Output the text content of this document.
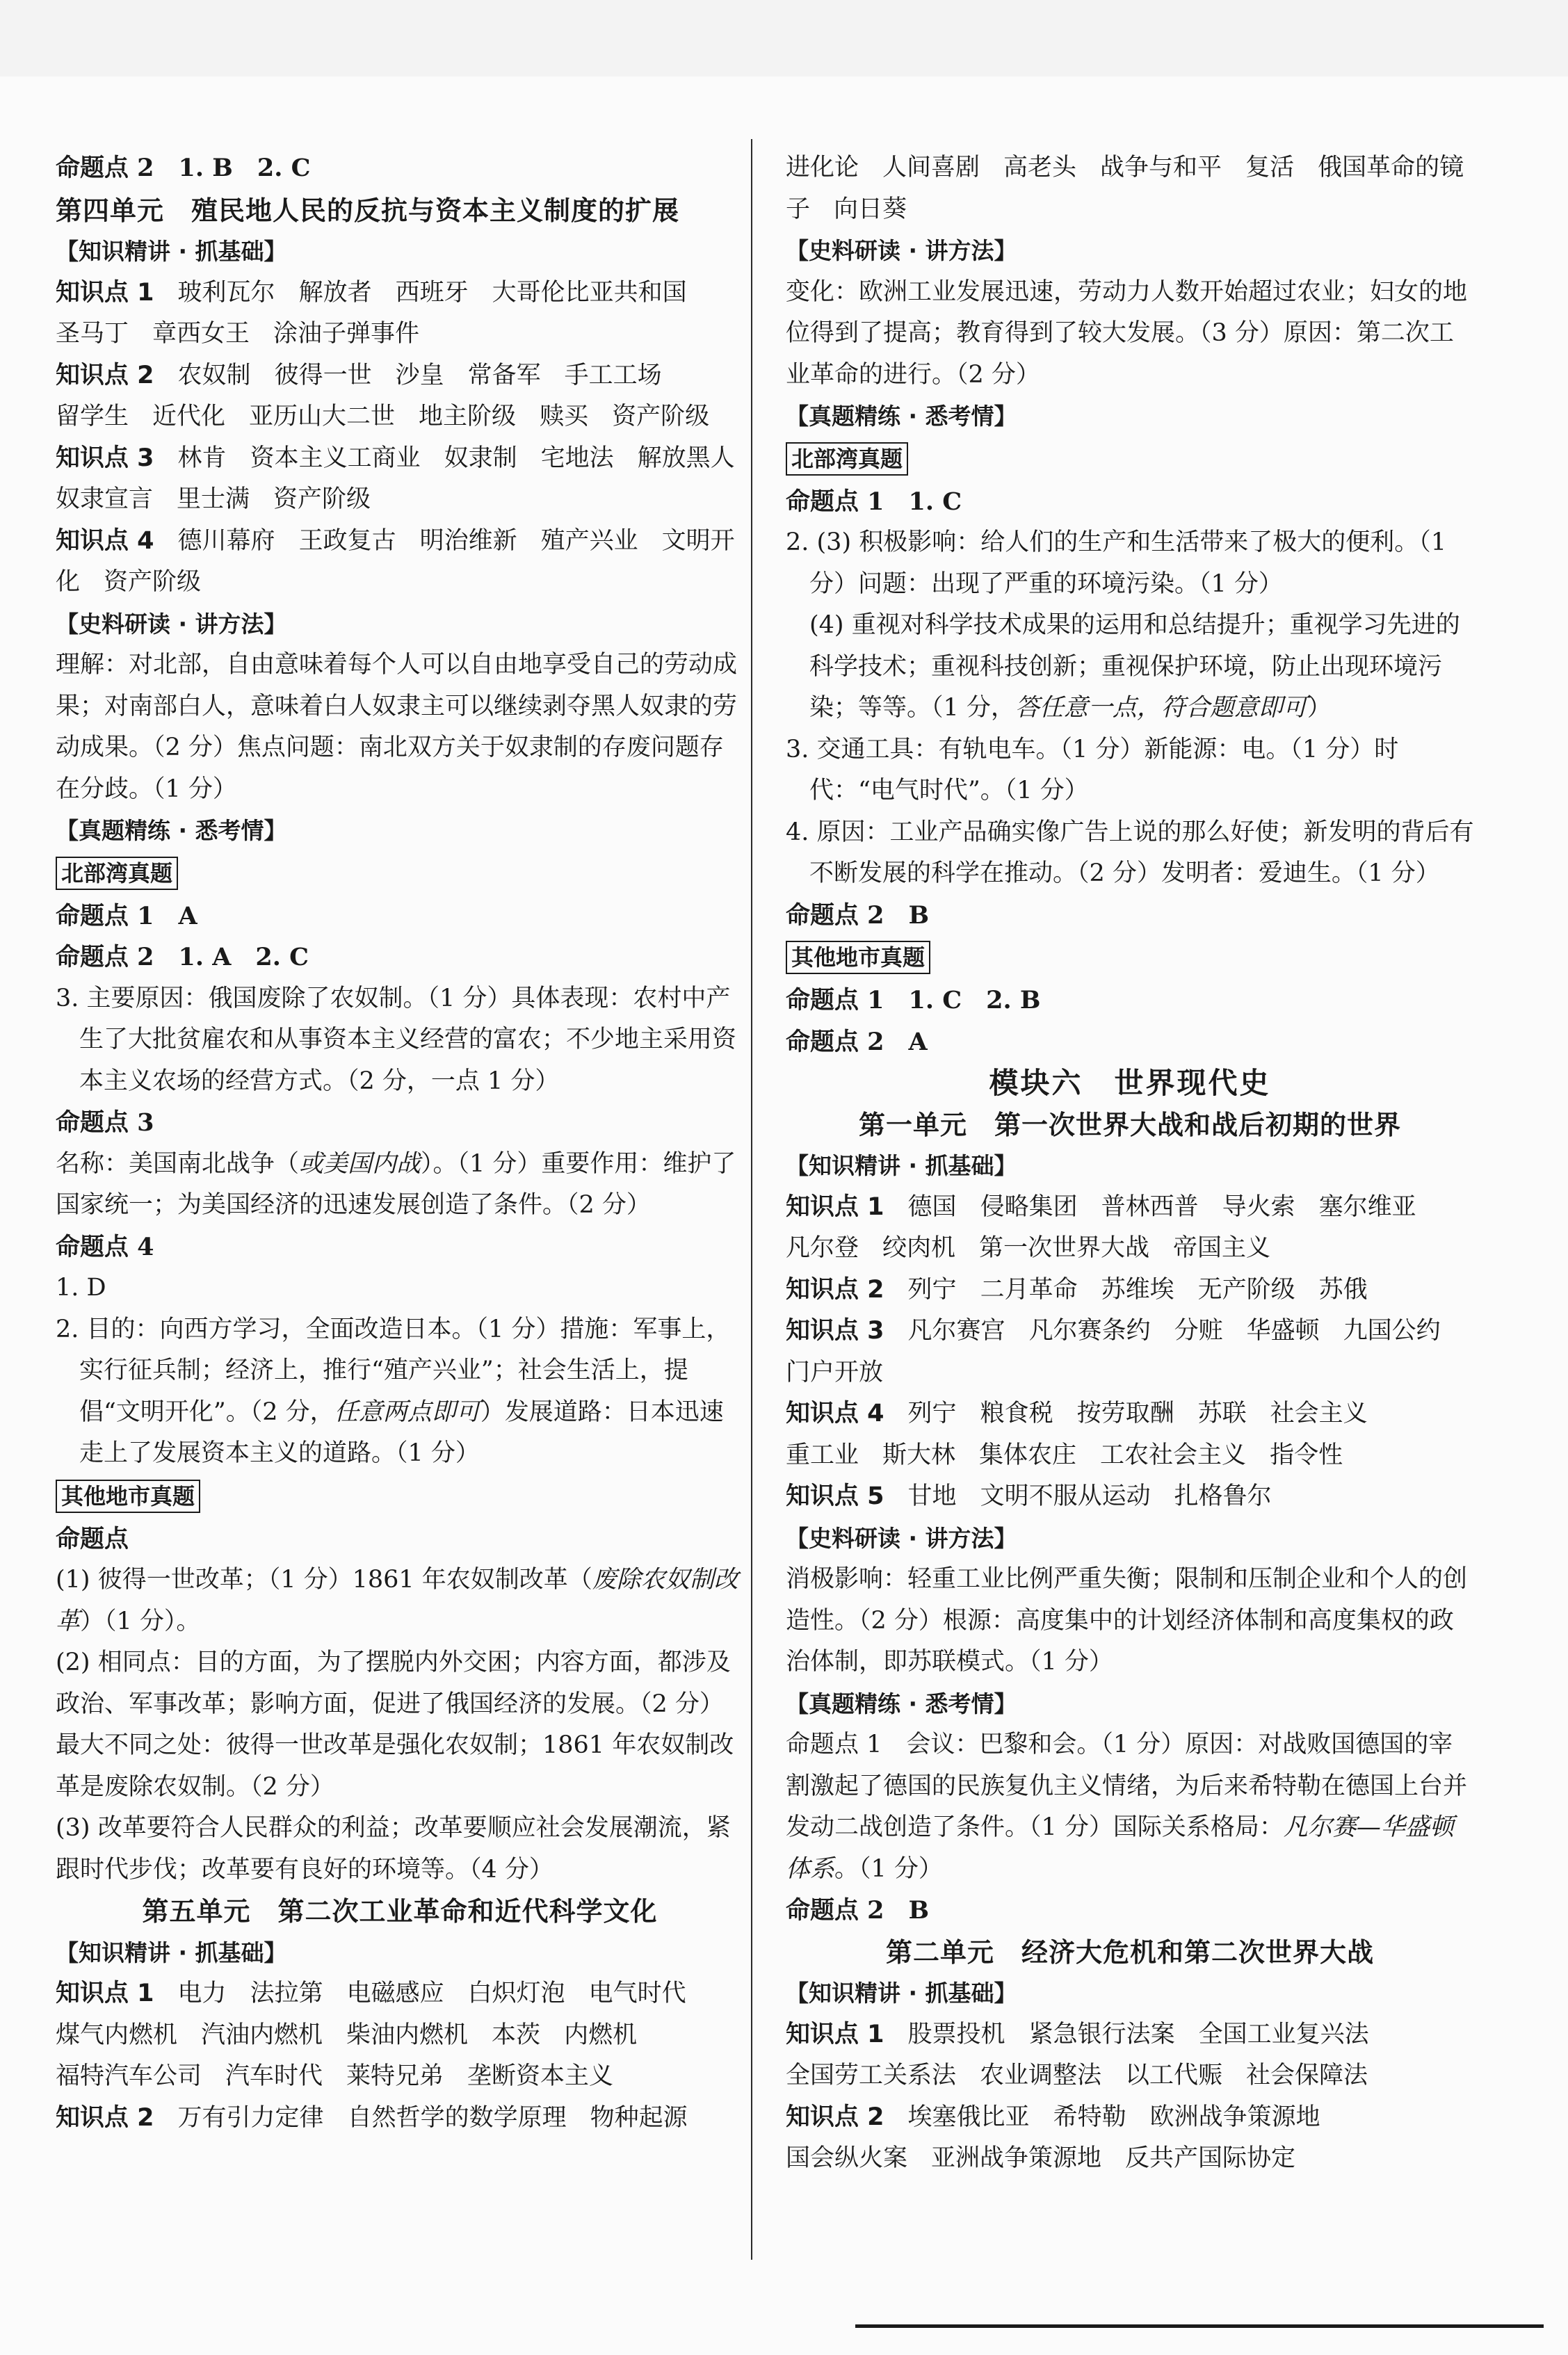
命题点 2　1. B　2. C

第四单元　殖民地人民的反抗与资本主义制度的扩展

【知识精讲 · 抓基础】

知识点 1 玻利瓦尔 解放者 西班牙 大哥伦比亚共和国
圣马丁 章西女王 涂油子弹事件

知识点 2 农奴制 彼得一世 沙皇 常备军 手工工场
留学生 近代化 亚历山大二世 地主阶级 赎买 资产阶级

知识点 3 林肯 资本主义工商业 奴隶制 宅地法 解放黑人奴隶宣言 里士满 资产阶级

知识点 4 德川幕府 王政复古 明治维新 殖产兴业 文明开化 资产阶级

【史料研读 · 讲方法】

理解：对北部，自由意味着每个人可以自由地享受自己的劳动成果；对南部白人，意味着白人奴隶主可以继续剥夺黑人奴隶的劳动成果。（2 分）焦点问题：南北双方关于奴隶制的存废问题存在分歧。（1 分）

【真题精练 · 悉考情】

北部湾真题

命题点 1　A

命题点 2　1. A　2. C

3. 主要原因：俄国废除了农奴制。（1 分）具体表现：农村中产生了大批贫雇农和从事资本主义经营的富农；不少地主采用资本主义农场的经营方式。（2 分，一点 1 分）

命题点 3

名称：美国南北战争（或美国内战）。（1 分）重要作用：维护了国家统一；为美国经济的迅速发展创造了条件。（2 分）

命题点 4

1. D

2. 目的：向西方学习，全面改造日本。（1 分）措施：军事上，实行征兵制；经济上，推行“殖产兴业”；社会生活上，提倡“文明开化”。（2 分，任意两点即可）发展道路：日本迅速走上了发展资本主义的道路。（1 分）

其他地市真题

命题点

(1) 彼得一世改革；（1 分）1861 年农奴制改革（废除农奴制改革）（1 分）。

(2) 相同点：目的方面，为了摆脱内外交困；内容方面，都涉及政治、军事改革；影响方面，促进了俄国经济的发展。（2 分）最大不同之处：彼得一世改革是强化农奴制；1861 年农奴制改革是废除农奴制。（2 分）

(3) 改革要符合人民群众的利益；改革要顺应社会发展潮流，紧跟时代步伐；改革要有良好的环境等。（4 分）

第五单元　第二次工业革命和近代科学文化

【知识精讲 · 抓基础】

知识点 1 电力 法拉第 电磁感应 白炽灯泡 电气时代
煤气内燃机 汽油内燃机 柴油内燃机 本茨 内燃机
福特汽车公司 汽车时代 莱特兄弟 垄断资本主义

知识点 2 万有引力定律 自然哲学的数学原理 物种起源

进化论 人间喜剧 高老头 战争与和平 复活 俄国革命的镜子 向日葵

【史料研读 · 讲方法】

变化：欧洲工业发展迅速，劳动力人数开始超过农业；妇女的地位得到了提高；教育得到了较大发展。（3 分）原因：第二次工业革命的进行。（2 分）

【真题精练 · 悉考情】

北部湾真题

命题点 1　1. C

2. (3) 积极影响：给人们的生产和生活带来了极大的便利。（1 分）问题：出现了严重的环境污染。（1 分）

(4) 重视对科学技术成果的运用和总结提升；重视学习先进的科学技术；重视科技创新；重视保护环境，防止出现环境污染；等等。（1 分，答任意一点，符合题意即可）

3. 交通工具：有轨电车。（1 分）新能源：电。（1 分）时代：“电气时代”。（1 分）

4. 原因：工业产品确实像广告上说的那么好使；新发明的背后有不断发展的科学在推动。（2 分）发明者：爱迪生。（1 分）

命题点 2　B

其他地市真题

命题点 1　1. C　2. B

命题点 2　A

模块六　世界现代史

第一单元　第一次世界大战和战后初期的世界

【知识精讲 · 抓基础】

知识点 1 德国 侵略集团 普林西普 导火索 塞尔维亚
凡尔登 绞肉机 第一次世界大战 帝国主义

知识点 2 列宁 二月革命 苏维埃 无产阶级 苏俄

知识点 3 凡尔赛宫 凡尔赛条约 分赃 华盛顿 九国公约
门户开放

知识点 4 列宁 粮食税 按劳取酬 苏联 社会主义
重工业 斯大林 集体农庄 工农社会主义 指令性

知识点 5 甘地 文明不服从运动 扎格鲁尔

【史料研读 · 讲方法】

消极影响：轻重工业比例严重失衡；限制和压制企业和个人的创造性。（2 分）根源：高度集中的计划经济体制和高度集权的政治体制，即苏联模式。（1 分）

【真题精练 · 悉考情】

命题点 1　会议：巴黎和会。（1 分）原因：对战败国德国的宰割激起了德国的民族复仇主义情绪，为后来希特勒在德国上台并发动二战创造了条件。（1 分）国际关系格局：凡尔赛—华盛顿体系。（1 分）

命题点 2　B

第二单元　经济大危机和第二次世界大战

【知识精讲 · 抓基础】

知识点 1 股票投机 紧急银行法案 全国工业复兴法
全国劳工关系法 农业调整法 以工代赈 社会保障法

知识点 2 埃塞俄比亚 希特勒 欧洲战争策源地
国会纵火案 亚洲战争策源地 反共产国际协定
